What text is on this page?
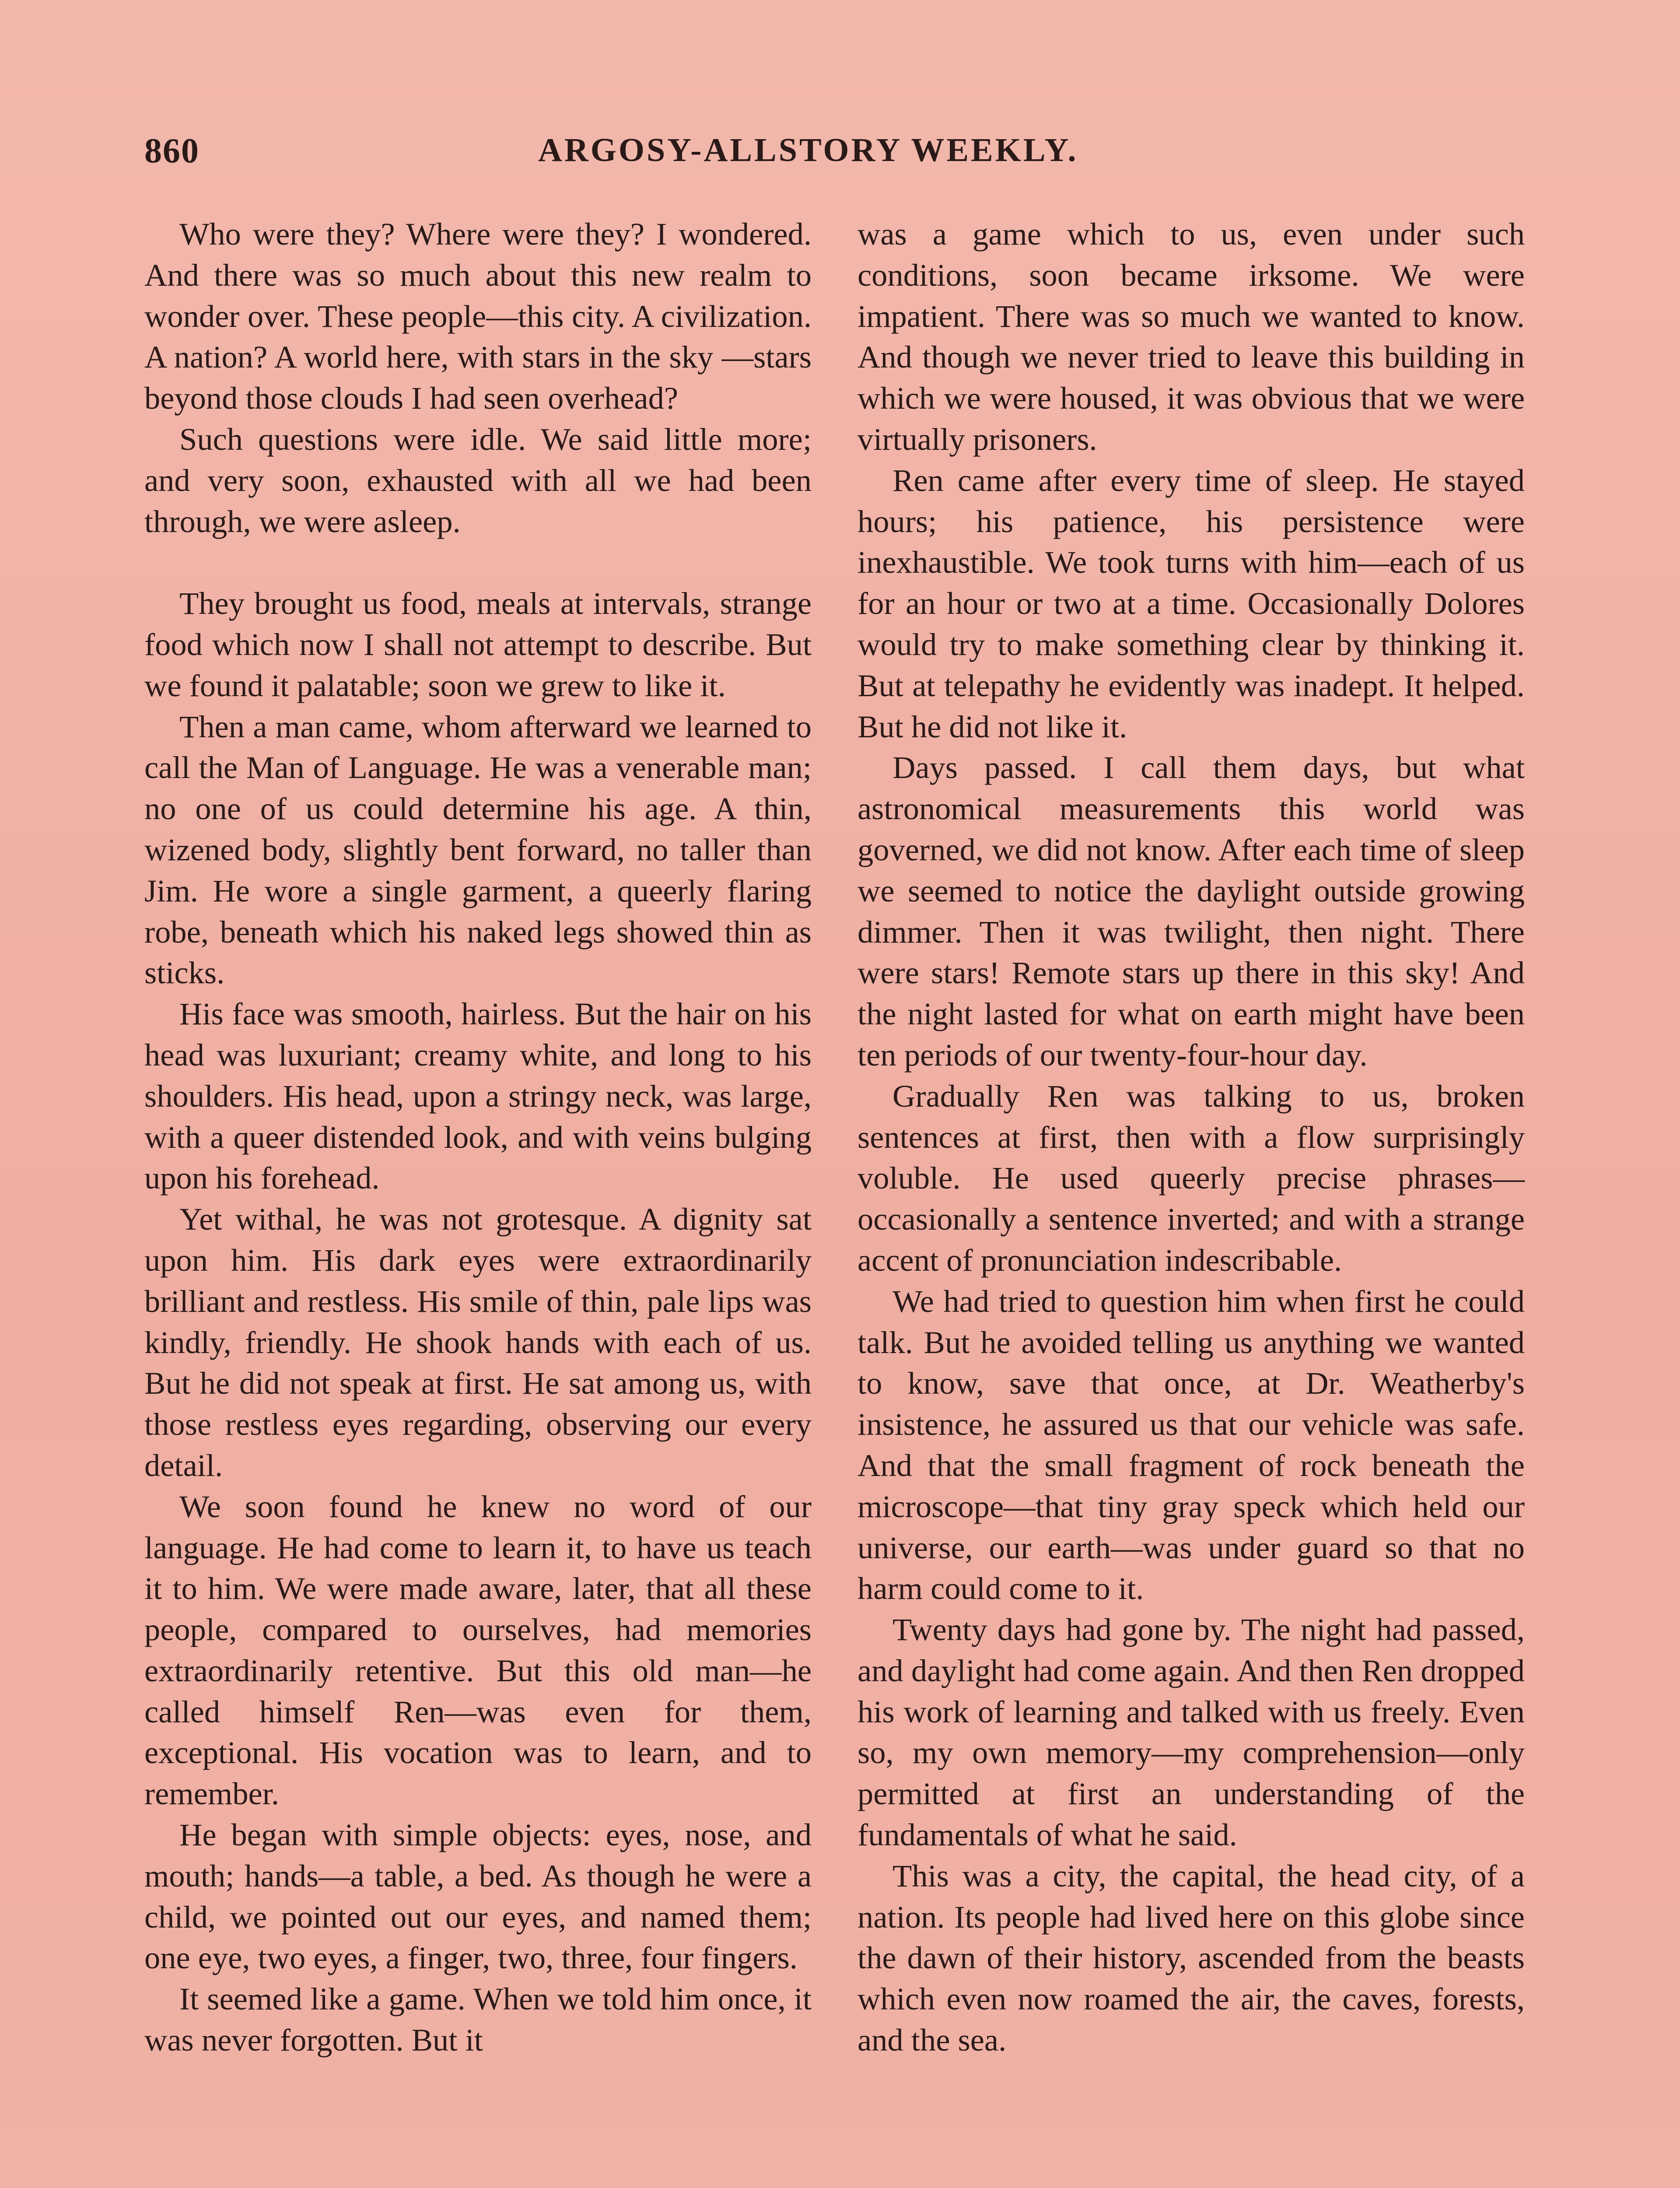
860	ARGOSY-ALLSTORY WEEKLY.

Who were they? Where were they? I wondered. And there was so much about this new realm to wonder over. These people—this city. A civilization. A nation? A world here, with stars in the sky —stars beyond those clouds I had seen overhead?

Such questions were idle. We said little more; and very soon, exhausted with all we had been through, we were asleep.

They brought us food, meals at intervals, strange food which now I shall not attempt to describe. But we found it palatable; soon we grew to like it.

Then a man came, whom afterward we learned to call the Man of Language. He was a venerable man; no one of us could determine his age. A thin, wizened body, slightly bent forward, no taller than Jim. He wore a single garment, a queerly flaring robe, beneath which his naked legs showed thin as sticks.

His face was smooth, hairless. But the hair on his head was luxuriant; creamy white, and long to his shoulders. His head, upon a stringy neck, was large, with a queer distended look, and with veins bulging upon his forehead.

Yet withal, he was not grotesque. A dignity sat upon him. His dark eyes were extraordinarily brilliant and restless. His smile of thin, pale lips was kindly, friendly. He shook hands with each of us. But he did not speak at first. He sat among us, with those restless eyes regarding, observing our every detail.

We soon found he knew no word of our language. He had come to learn it, to have us teach it to him. We were made aware, later, that all these people, compared to ourselves, had memories extraordinarily retentive. But this old man—he called himself Ren—was even for them, exceptional. His vocation was to learn, and to remember.

He began with simple objects: eyes, nose, and mouth; hands—a table, a bed. As though he were a child, we pointed out our eyes, and named them; one eye, two eyes, a finger, two, three, four fingers.

It seemed like a game. When we told him once, it was never forgotten. But it

was a game which to us, even under such conditions, soon became irksome. We were impatient. There was so much we wanted to know. And though we never tried to leave this building in which we were housed, it was obvious that we were virtually prisoners.

Ren came after every time of sleep. He stayed hours; his patience, his persistence were inexhaustible. We took turns with him—each of us for an hour or two at a time. Occasionally Dolores would try to make something clear by thinking it. But at telepathy he evidently was inadept. It helped. But he did not like it.

Days passed. I call them days, but what astronomical measurements this world was governed, we did not know. After each time of sleep we seemed to notice the daylight outside growing dimmer. Then it was twilight, then night. There were stars! Remote stars up there in this sky! And the night lasted for what on earth might have been ten periods of our twenty-four-hour day.

Gradually Ren was talking to us, broken sentences at first, then with a flow surprisingly voluble. He used queerly precise phrases—occasionally a sentence inverted; and with a strange accent of pronunciation indescribable.

We had tried to question him when first he could talk. But he avoided telling us anything we wanted to know, save that once, at Dr. Weatherby's insistence, he assured us that our vehicle was safe. And that the small fragment of rock beneath the microscope—that tiny gray speck which held our universe, our earth—was under guard so that no harm could come to it.

Twenty days had gone by. The night had passed, and daylight had come again. And then Ren dropped his work of learning and talked with us freely. Even so, my own memory—my comprehension—only permitted at first an understanding of the fundamentals of what he said.

This was a city, the capital, the head city, of a nation. Its people had lived here on this globe since the dawn of their history, ascended from the beasts which even now roamed the air, the caves, forests, and the sea.
